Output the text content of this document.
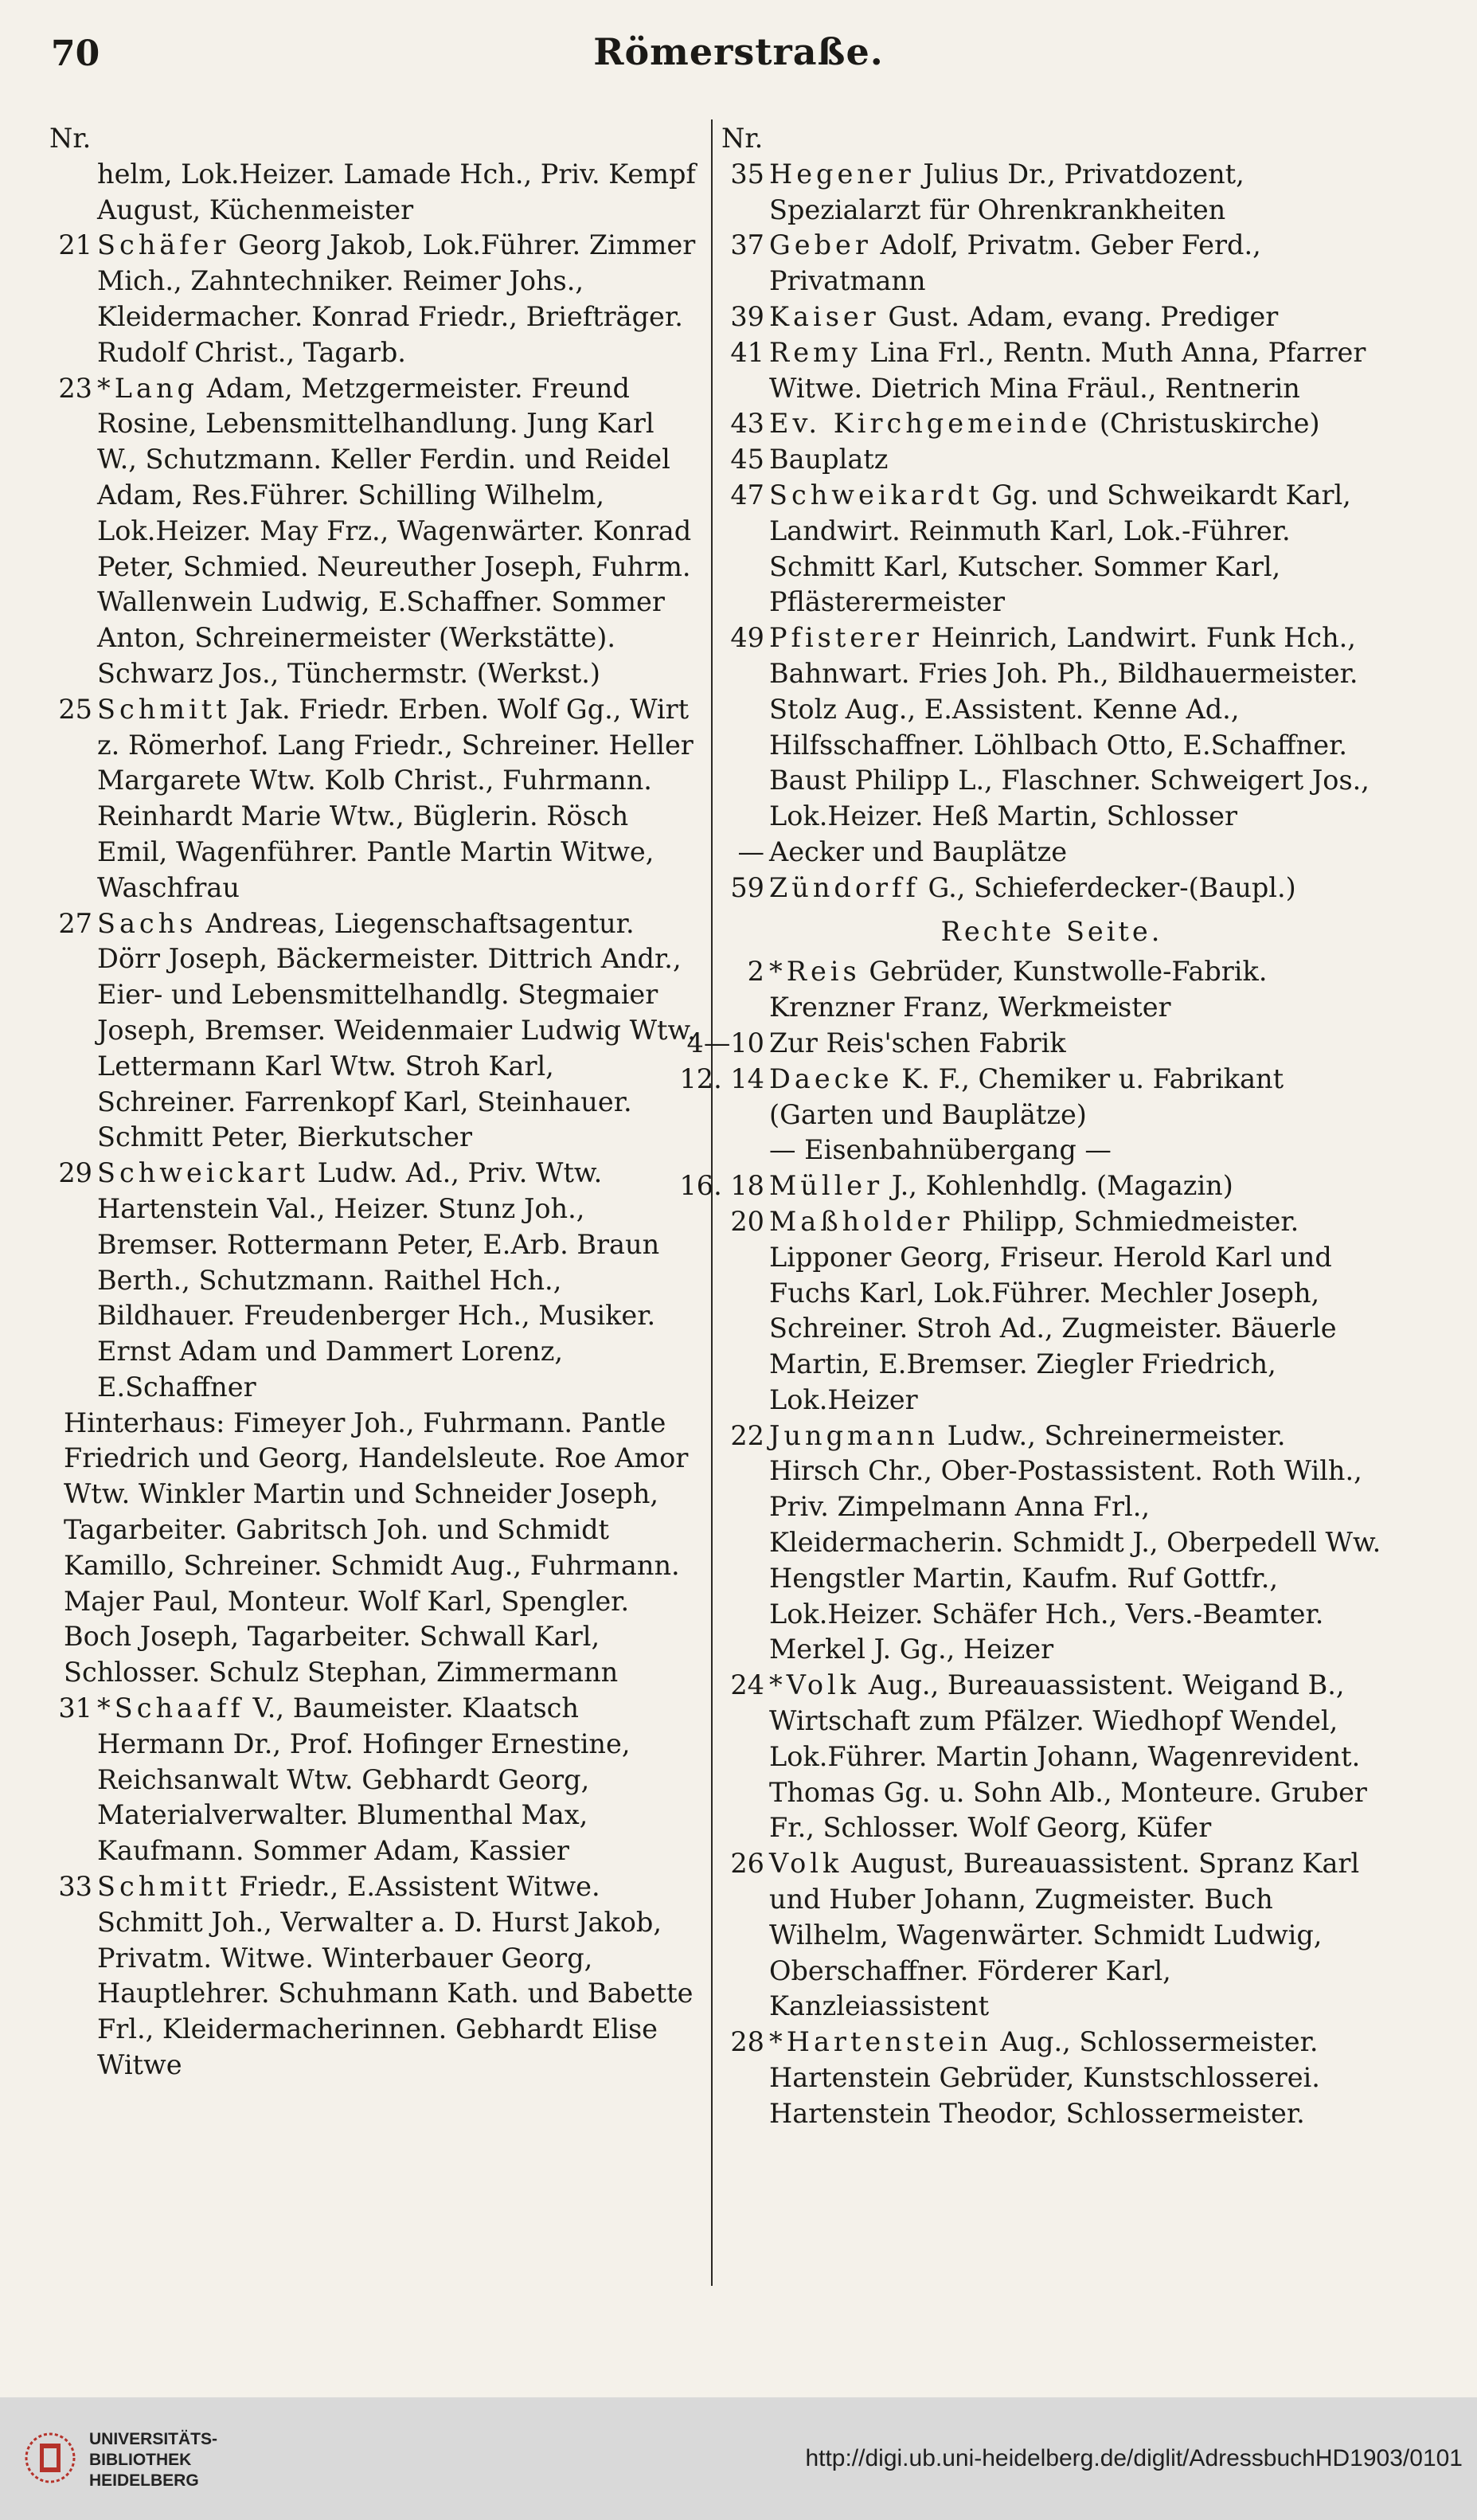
70	Römerstraße.
Nr.
helm, Lok.Heizer. Lamade Hch., Priv. Kempf August, Küchenmeister
21 Schäfer Georg Jakob, Lok.Führer. Zimmer Mich., Zahntechniker. Reimer Johs., Kleidermacher. Konrad Friedr., Briefträger. Rudolf Christ., Tagarb.
23 *Lang Adam, Metzgermeister. Freund Rosine, Lebensmittelhandlung. Jung Karl W., Schutzmann. Keller Ferdin. und Reidel Adam, Res.Führer. Schilling Wilhelm, Lok.Heizer. May Frz., Wagenwärter. Konrad Peter, Schmied. Neureuther Joseph, Fuhrm. Wallenwein Ludwig, E.Schaffner. Sommer Anton, Schreinermeister (Werkstätte). Schwarz Jos., Tünchermstr. (Werkst.)
25 Schmitt Jak. Friedr. Erben. Wolf Gg., Wirt z. Römerhof. Lang Friedr., Schreiner. Heller Margarete Wtw. Kolb Christ., Fuhrmann. Reinhardt Marie Wtw., Büglerin. Rösch Emil, Wagenführer. Pantle Martin Witwe, Waschfrau
27 Sachs Andreas, Liegenschaftsagentur. Dörr Joseph, Bäckermeister. Dittrich Andr., Eier- und Lebensmittelhandlg. Stegmaier Joseph, Bremser. Weidenmaier Ludwig Wtw. Lettermann Karl Wtw. Stroh Karl, Schreiner. Farrenkopf Karl, Steinhauer. Schmitt Peter, Bierkutscher
29 Schweickart Ludw. Ad., Priv. Wtw. Hartenstein Val., Heizer. Stunz Joh., Bremser. Rottermann Peter, E.Arb. Braun Berth., Schutzmann. Raithel Hch., Bildhauer. Freudenberger Hch., Musiker. Ernst Adam und Dammert Lorenz, E.Schaffner
Hinterhaus: Fimeyer Joh., Fuhrmann. Pantle Friedrich und Georg, Handelsleute. Roe Amor Wtw. Winkler Martin und Schneider Joseph, Tagarbeiter. Gabritsch Joh. und Schmidt Kamillo, Schreiner. Schmidt Aug., Fuhrmann. Majer Paul, Monteur. Wolf Karl, Spengler. Boch Joseph, Tagarbeiter. Schwall Karl, Schlosser. Schulz Stephan, Zimmermann
31 *Schaaff V., Baumeister. Klaatsch Hermann Dr., Prof. Hofinger Ernestine, Reichsanwalt Wtw. Gebhardt Georg, Materialverwalter. Blumenthal Max, Kaufmann. Sommer Adam, Kassier
33 Schmitt Friedr., E.Assistent Witwe. Schmitt Joh., Verwalter a. D. Hurst Jakob, Privatm. Witwe. Winterbauer Georg, Hauptlehrer. Schuhmann Kath. und Babette Frl., Kleidermacherinnen. Gebhardt Elise Witwe
Nr.
35 Hegener Julius Dr., Privatdozent, Spezialarzt für Ohrenkrankheiten
37 Geber Adolf, Privatm. Geber Ferd., Privatmann
39 Kaiser Gust. Adam, evang. Prediger
41 Remy Lina Frl., Rentn. Muth Anna, Pfarrer Witwe. Dietrich Mina Fräul., Rentnerin
43 Ev. Kirchgemeinde (Christuskirche)
45 Bauplatz
47 Schweikardt Gg. und Schweikardt Karl, Landwirt. Reinmuth Karl, Lok.-Führer. Schmitt Karl, Kutscher. Sommer Karl, Pflästerermeister
49 Pfisterer Heinrich, Landwirt. Funk Hch., Bahnwart. Fries Joh. Ph., Bildhauermeister. Stolz Aug., E.Assistent. Kenne Ad., Hilfsschaffner. Löhlbach Otto, E.Schaffner. Baust Philipp L., Flaschner. Schweigert Jos., Lok.Heizer. Heß Martin, Schlosser
— Aecker und Bauplätze
59 Zündorff G., Schieferdecker-(Baupl.)
Rechte Seite.
2 *Reis Gebrüder, Kunstwolle-Fabrik. Krenzner Franz, Werkmeister
4—10 Zur Reis'schen Fabrik
12. 14 Daecke K. F., Chemiker u. Fabrikant (Garten und Bauplätze)
— Eisenbahnübergang —
16. 18 Müller J., Kohlenhdlg. (Magazin)
20 Maßholder Philipp, Schmiedmeister. Lipponer Georg, Friseur. Herold Karl und Fuchs Karl, Lok.Führer. Mechler Joseph, Schreiner. Stroh Ad., Zugmeister. Bäuerle Martin, E.Bremser. Ziegler Friedrich, Lok.Heizer
22 Jungmann Ludw., Schreinermeister. Hirsch Chr., Ober-Postassistent. Roth Wilh., Priv. Zimpelmann Anna Frl., Kleidermacherin. Schmidt J., Oberpedell Ww. Hengstler Martin, Kaufm. Ruf Gottfr., Lok.Heizer. Schäfer Hch., Vers.-Beamter. Merkel J. Gg., Heizer
24 *Volk Aug., Bureauassistent. Weigand B., Wirtschaft zum Pfälzer. Wiedhopf Wendel, Lok.Führer. Martin Johann, Wagenrevident. Thomas Gg. u. Sohn Alb., Monteure. Gruber Fr., Schlosser. Wolf Georg, Küfer
26 Volk August, Bureauassistent. Spranz Karl und Huber Johann, Zugmeister. Buch Wilhelm, Wagenwärter. Schmidt Ludwig, Oberschaffner. Förderer Karl, Kanzleiassistent
28 *Hartenstein Aug., Schlossermeister. Hartenstein Gebrüder, Kunstschlosserei. Hartenstein Theodor, Schlossermeister.
UNIVERSITÄTS-
BIBLIOTHEK
HEIDELBERG
http://digi.ub.uni-heidelberg.de/diglit/AdressbuchHD1903/0101
